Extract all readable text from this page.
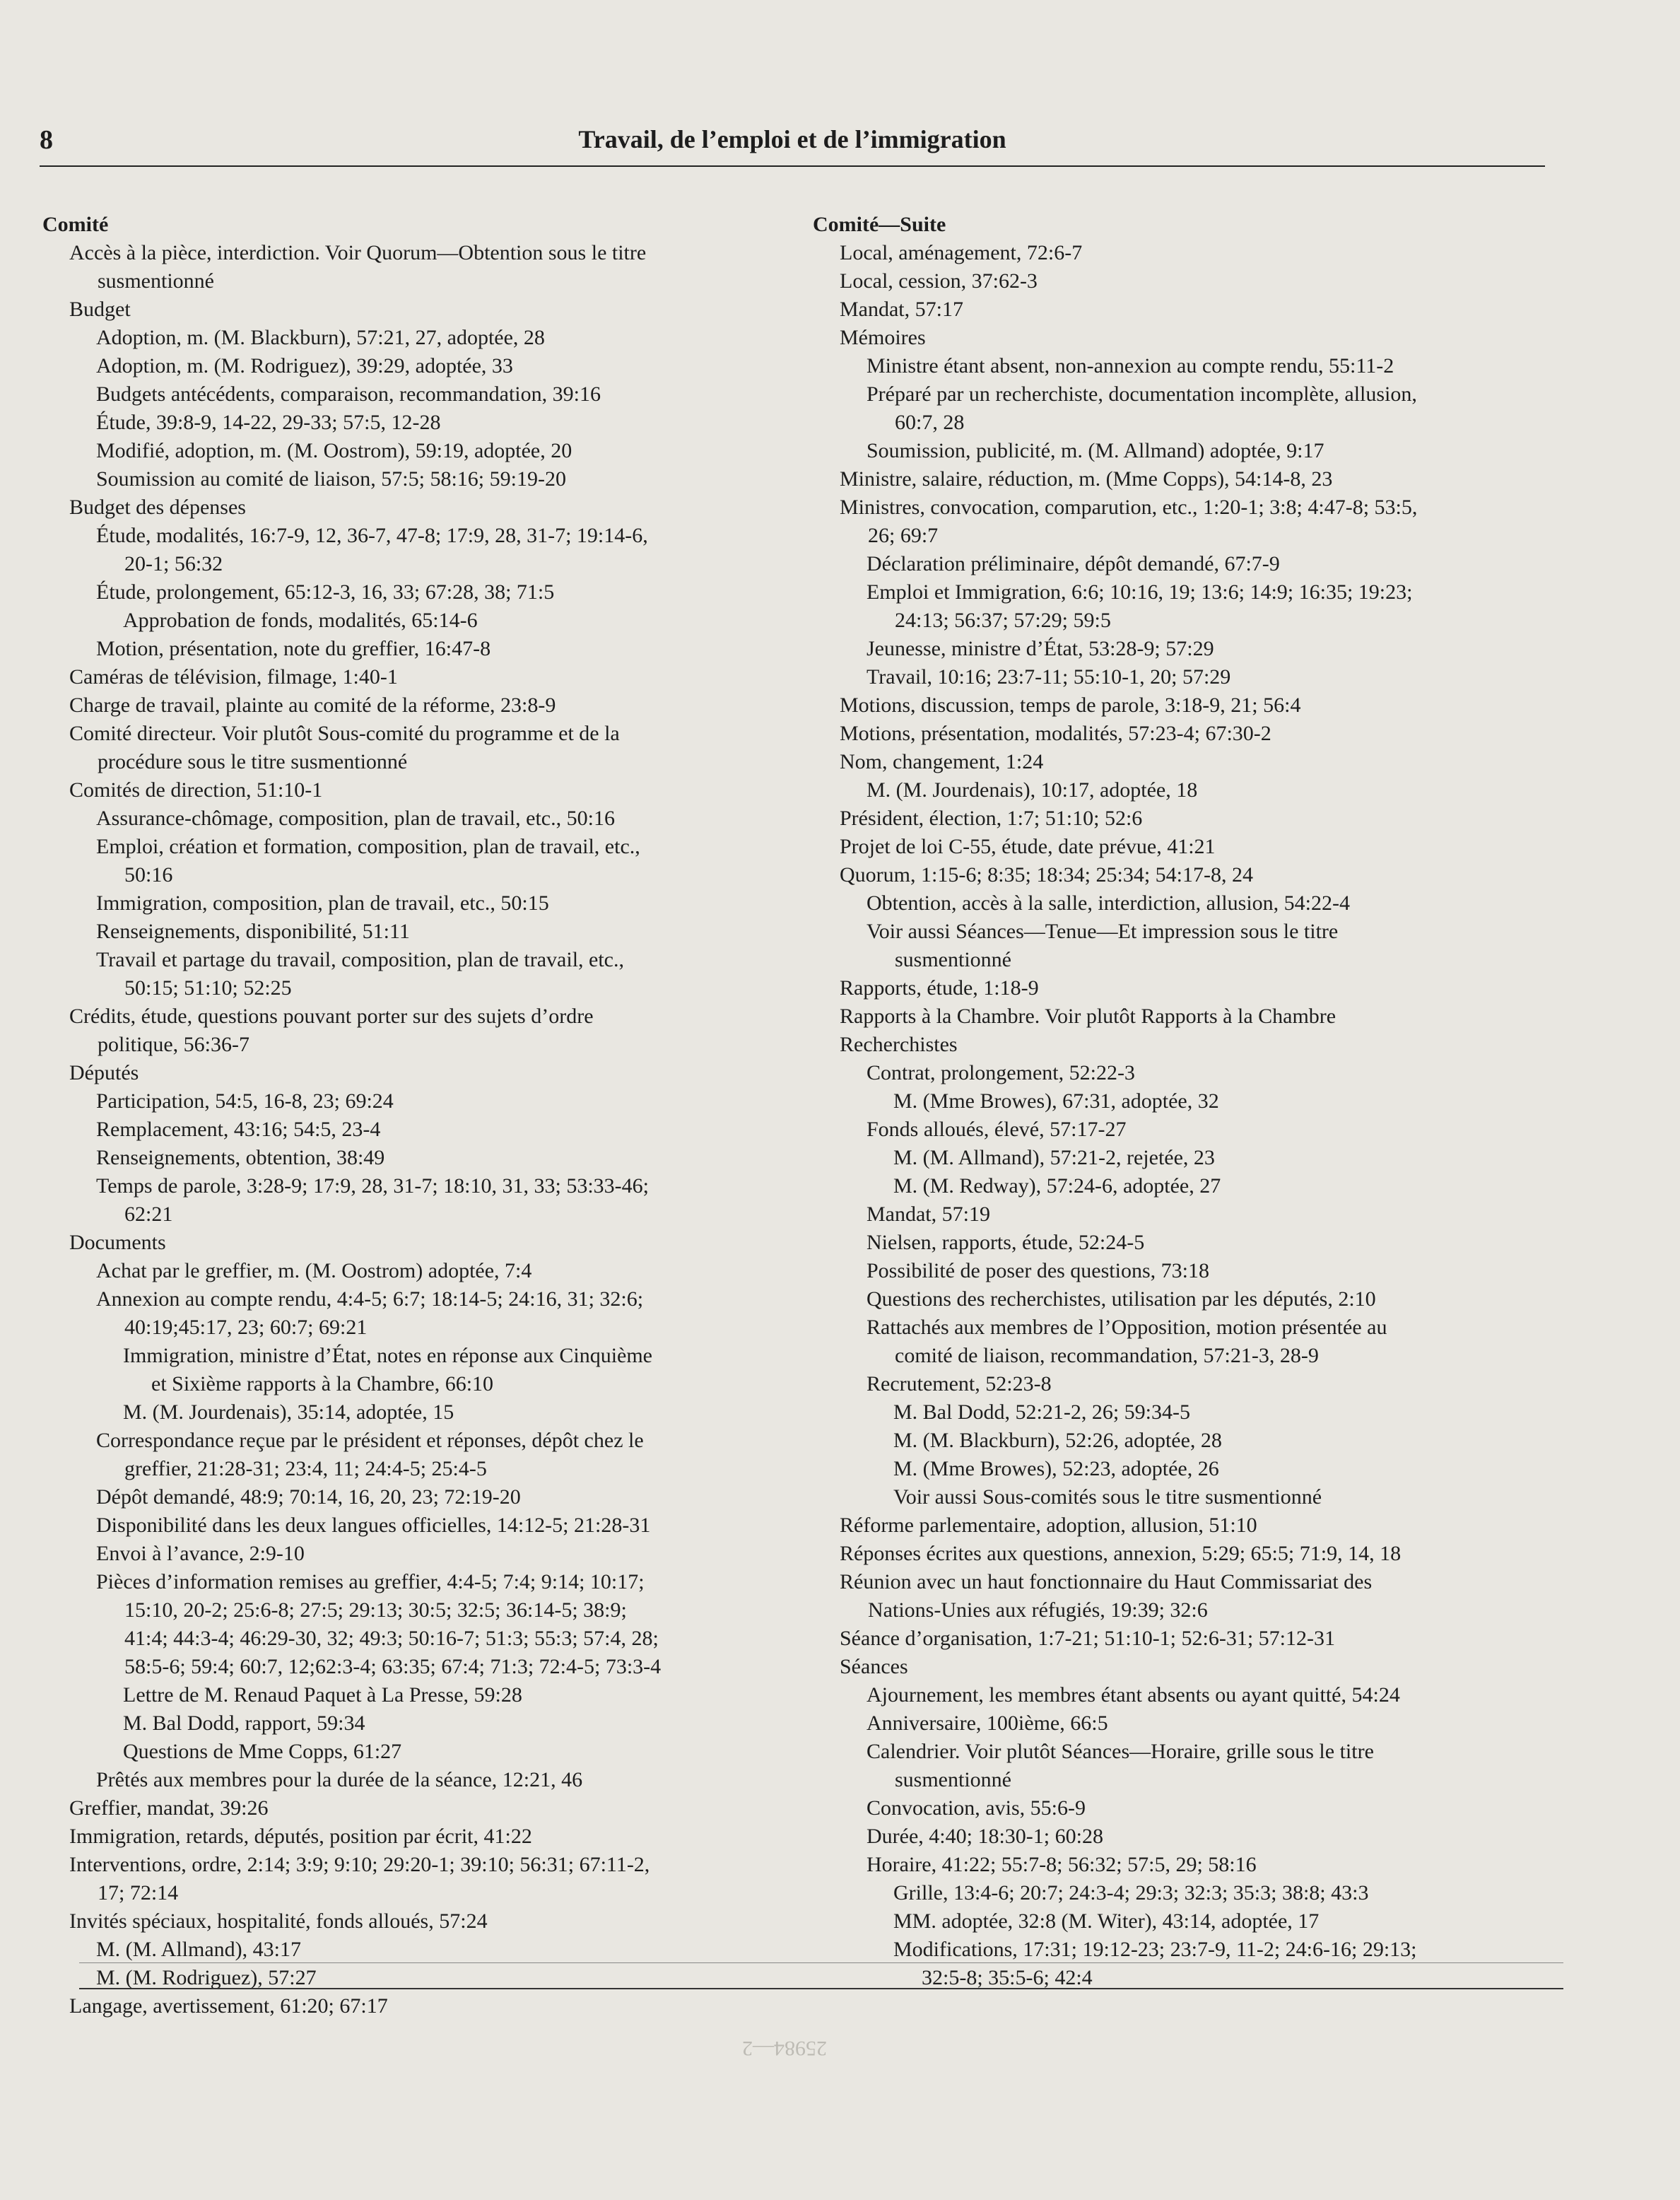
8	Travail, de l’emploi et de l’immigration
Comité
Accès à la pièce, interdiction. Voir Quorum—Obtention sous le titre
susmentionné
Budget
Adoption, m. (M. Blackburn), 57:21, 27, adoptée, 28
Adoption, m. (M. Rodriguez), 39:29, adoptée, 33
Budgets antécédents, comparaison, recommandation, 39:16
Étude, 39:8-9, 14-22, 29-33; 57:5, 12-28
Modifié, adoption, m. (M. Oostrom), 59:19, adoptée, 20
Soumission au comité de liaison, 57:5; 58:16; 59:19-20
Budget des dépenses
Étude, modalités, 16:7-9, 12, 36-7, 47-8; 17:9, 28, 31-7; 19:14-6,
20-1; 56:32
Étude, prolongement, 65:12-3, 16, 33; 67:28, 38; 71:5
Approbation de fonds, modalités, 65:14-6
Motion, présentation, note du greffier, 16:47-8
Caméras de télévision, filmage, 1:40-1
Charge de travail, plainte au comité de la réforme, 23:8-9
Comité directeur. Voir plutôt Sous-comité du programme et de la
procédure sous le titre susmentionné
Comités de direction, 51:10-1
Assurance-chômage, composition, plan de travail, etc., 50:16
Emploi, création et formation, composition, plan de travail, etc.,
50:16
Immigration, composition, plan de travail, etc., 50:15
Renseignements, disponibilité, 51:11
Travail et partage du travail, composition, plan de travail, etc.,
50:15; 51:10; 52:25
Crédits, étude, questions pouvant porter sur des sujets d’ordre
politique, 56:36-7
Députés
Participation, 54:5, 16-8, 23; 69:24
Remplacement, 43:16; 54:5, 23-4
Renseignements, obtention, 38:49
Temps de parole, 3:28-9; 17:9, 28, 31-7; 18:10, 31, 33; 53:33-46;
62:21
Documents
Achat par le greffier, m. (M. Oostrom) adoptée, 7:4
Annexion au compte rendu, 4:4-5; 6:7; 18:14-5; 24:16, 31; 32:6;
40:19;45:17, 23; 60:7; 69:21
Immigration, ministre d’État, notes en réponse aux Cinquième
et Sixième rapports à la Chambre, 66:10
M. (M. Jourdenais), 35:14, adoptée, 15
Correspondance reçue par le président et réponses, dépôt chez le
greffier, 21:28-31; 23:4, 11; 24:4-5; 25:4-5
Dépôt demandé, 48:9; 70:14, 16, 20, 23; 72:19-20
Disponibilité dans les deux langues officielles, 14:12-5; 21:28-31
Envoi à l’avance, 2:9-10
Pièces d’information remises au greffier, 4:4-5; 7:4; 9:14; 10:17;
15:10, 20-2; 25:6-8; 27:5; 29:13; 30:5; 32:5; 36:14-5; 38:9;
41:4; 44:3-4; 46:29-30, 32; 49:3; 50:16-7; 51:3; 55:3; 57:4, 28;
58:5-6; 59:4; 60:7, 12;62:3-4; 63:35; 67:4; 71:3; 72:4-5; 73:3-4
Lettre de M. Renaud Paquet à La Presse, 59:28
M. Bal Dodd, rapport, 59:34
Questions de Mme Copps, 61:27
Prêtés aux membres pour la durée de la séance, 12:21, 46
Greffier, mandat, 39:26
Immigration, retards, députés, position par écrit, 41:22
Interventions, ordre, 2:14; 3:9; 9:10; 29:20-1; 39:10; 56:31; 67:11-2,
17; 72:14
Invités spéciaux, hospitalité, fonds alloués, 57:24
M. (M. Allmand), 43:17
M. (M. Rodriguez), 57:27
Langage, avertissement, 61:20; 67:17
Comité—Suite
Local, aménagement, 72:6-7
Local, cession, 37:62-3
Mandat, 57:17
Mémoires
Ministre étant absent, non-annexion au compte rendu, 55:11-2
Préparé par un recherchiste, documentation incomplète, allusion,
60:7, 28
Soumission, publicité, m. (M. Allmand) adoptée, 9:17
Ministre, salaire, réduction, m. (Mme Copps), 54:14-8, 23
Ministres, convocation, comparution, etc., 1:20-1; 3:8; 4:47-8; 53:5,
26; 69:7
Déclaration préliminaire, dépôt demandé, 67:7-9
Emploi et Immigration, 6:6; 10:16, 19; 13:6; 14:9; 16:35; 19:23;
24:13; 56:37; 57:29; 59:5
Jeunesse, ministre d’État, 53:28-9; 57:29
Travail, 10:16; 23:7-11; 55:10-1, 20; 57:29
Motions, discussion, temps de parole, 3:18-9, 21; 56:4
Motions, présentation, modalités, 57:23-4; 67:30-2
Nom, changement, 1:24
M. (M. Jourdenais), 10:17, adoptée, 18
Président, élection, 1:7; 51:10; 52:6
Projet de loi C-55, étude, date prévue, 41:21
Quorum, 1:15-6; 8:35; 18:34; 25:34; 54:17-8, 24
Obtention, accès à la salle, interdiction, allusion, 54:22-4
Voir aussi Séances—Tenue—Et impression sous le titre
susmentionné
Rapports, étude, 1:18-9
Rapports à la Chambre. Voir plutôt Rapports à la Chambre
Recherchistes
Contrat, prolongement, 52:22-3
M. (Mme Browes), 67:31, adoptée, 32
Fonds alloués, élevé, 57:17-27
M. (M. Allmand), 57:21-2, rejetée, 23
M. (M. Redway), 57:24-6, adoptée, 27
Mandat, 57:19
Nielsen, rapports, étude, 52:24-5
Possibilité de poser des questions, 73:18
Questions des recherchistes, utilisation par les députés, 2:10
Rattachés aux membres de l’Opposition, motion présentée au
comité de liaison, recommandation, 57:21-3, 28-9
Recrutement, 52:23-8
M. Bal Dodd, 52:21-2, 26; 59:34-5
M. (M. Blackburn), 52:26, adoptée, 28
M. (Mme Browes), 52:23, adoptée, 26
Voir aussi Sous-comités sous le titre susmentionné
Réforme parlementaire, adoption, allusion, 51:10
Réponses écrites aux questions, annexion, 5:29; 65:5; 71:9, 14, 18
Réunion avec un haut fonctionnaire du Haut Commissariat des
Nations-Unies aux réfugiés, 19:39; 32:6
Séance d’organisation, 1:7-21; 51:10-1; 52:6-31; 57:12-31
Séances
Ajournement, les membres étant absents ou ayant quitté, 54:24
Anniversaire, 100ième, 66:5
Calendrier. Voir plutôt Séances—Horaire, grille sous le titre
susmentionné
Convocation, avis, 55:6-9
Durée, 4:40; 18:30-1; 60:28
Horaire, 41:22; 55:7-8; 56:32; 57:5, 29; 58:16
Grille, 13:4-6; 20:7; 24:3-4; 29:3; 32:3; 35:3; 38:8; 43:3
MM. adoptée, 32:8 (M. Witer), 43:14, adoptée, 17
Modifications, 17:31; 19:12-23; 23:7-9, 11-2; 24:6-16; 29:13;
32:5-8; 35:5-6; 42:4
25984—2
